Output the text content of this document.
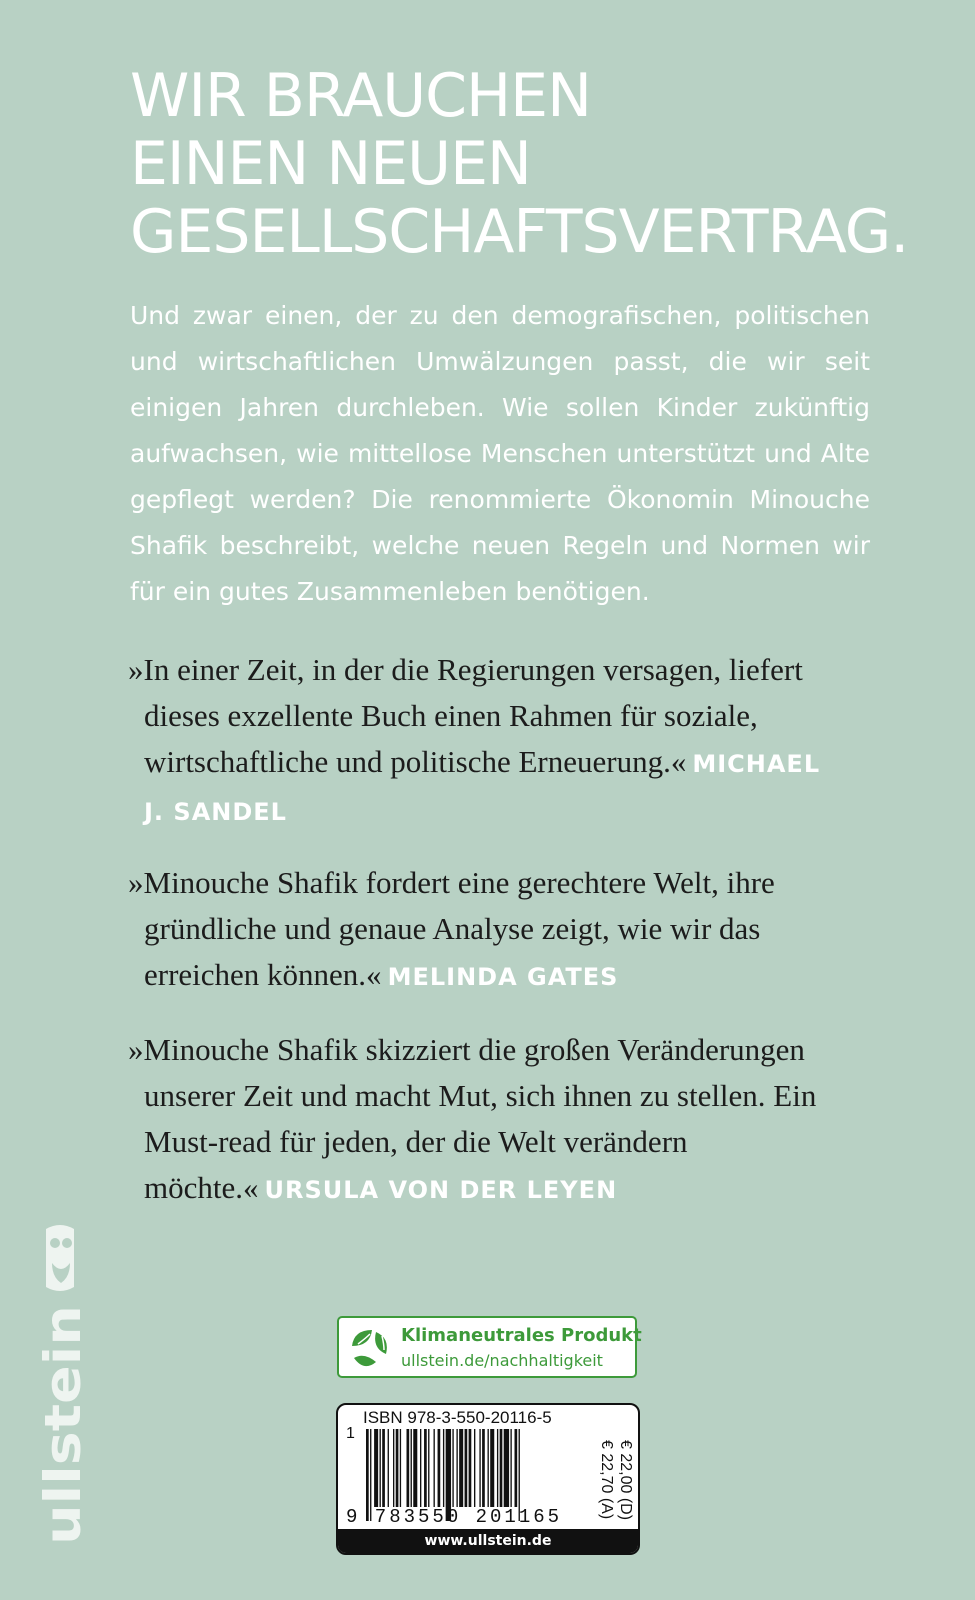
WIR BRAUCHEN
EINEN NEUEN
GESELLSCHAFTSVERTRAG.

Und zwar einen, der zu den demografischen, politischen und wirtschaftlichen Umwälzungen passt, die wir seit einigen Jahren durchleben. Wie sollen Kinder zukünftig aufwachsen, wie mittellose Menschen unterstützt und Alte gepflegt werden? Die renommierte Ökonomin Minouche Shafik beschreibt, welche neuen Regeln und Normen wir für ein gutes Zusammenleben benötigen.

»In einer Zeit, in der die Regierungen versagen, liefert dieses exzellente Buch einen Rahmen für soziale, wirtschaftliche und politische Erneuerung.« MICHAEL J. SANDEL

»Minouche Shafik fordert eine gerechtere Welt, ihre gründliche und genaue Analyse zeigt, wie wir das erreichen können.« MELINDA GATES

»Minouche Shafik skizziert die großen Veränderungen unserer Zeit und macht Mut, sich ihnen zu stellen. Ein Must-read für jeden, der die Welt verändern möchte.« URSULA VON DER LEYEN

ullstein	Klimaneutrales Produkt
ullstein.de/nachhaltigkeit
ISBN 978-3-550-20116-5
1
9 783550 201165	€ 22,00 (D)
€ 22,70 (A)
www.ullstein.de
